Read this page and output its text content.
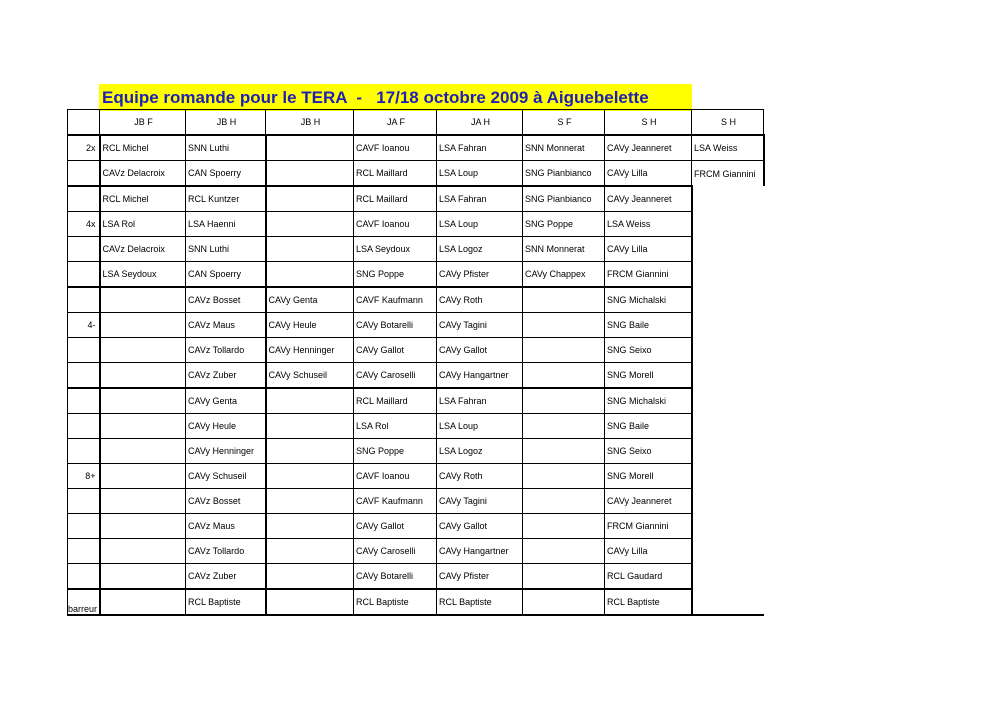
Equipe romande pour le TERA  -   17/18 octobre 2009 à Aiguebelette
	JB F	JB H	JB H	JA F	JA H	S F	S H	S H
2x	RCL Michel	SNN Luthi		CAVF Ioanou	LSA Fahran	SNN Monnerat	CAVy Jeanneret	LSA Weiss
	CAVz Delacroix	CAN Spoerry		RCL Maillard	LSA Loup	SNG Pianbianco	CAVy Lilla	FRCM Giannini
	RCL Michel	RCL Kuntzer		RCL Maillard	LSA Fahran	SNG Pianbianco	CAVy Jeanneret	
4x	LSA Rol	LSA Haenni		CAVF Ioanou	LSA Loup	SNG Poppe	LSA Weiss	
	CAVz Delacroix	SNN Luthi		LSA Seydoux	LSA Logoz	SNN Monnerat	CAVy Lilla	
	LSA Seydoux	CAN Spoerry		SNG Poppe	CAVy Pfister	CAVy Chappex	FRCM Giannini	
		CAVz Bosset	CAVy Genta	CAVF Kaufmann	CAVy Roth		SNG Michalski	
4-		CAVz Maus	CAVy Heule	CAVy Botarelli	CAVy Tagini		SNG Baile	
		CAVz Tollardo	CAVy Henninger	CAVy Gallot	CAVy Gallot		SNG Seixo	
		CAVz Zuber	CAVy Schuseil	CAVy Caroselli	CAVy Hangartner		SNG Morell	
		CAVy Genta		RCL Maillard	LSA Fahran		SNG Michalski	
		CAVy Heule		LSA Rol	LSA Loup		SNG Baile	
		CAVy Henninger		SNG Poppe	LSA Logoz		SNG Seixo	
8+		CAVy Schuseil		CAVF Ioanou	CAVy Roth		SNG Morell	
		CAVz Bosset		CAVF Kaufmann	CAVy Tagini		CAVy Jeanneret	
		CAVz Maus		CAVy Gallot	CAVy Gallot		FRCM Giannini	
		CAVz Tollardo		CAVy Caroselli	CAVy Hangartner		CAVy Lilla	
		CAVz Zuber		CAVy Botarelli	CAVy Pfister		RCL Gaudard	
barreur		RCL Baptiste		RCL Baptiste	RCL Baptiste		RCL Baptiste	
